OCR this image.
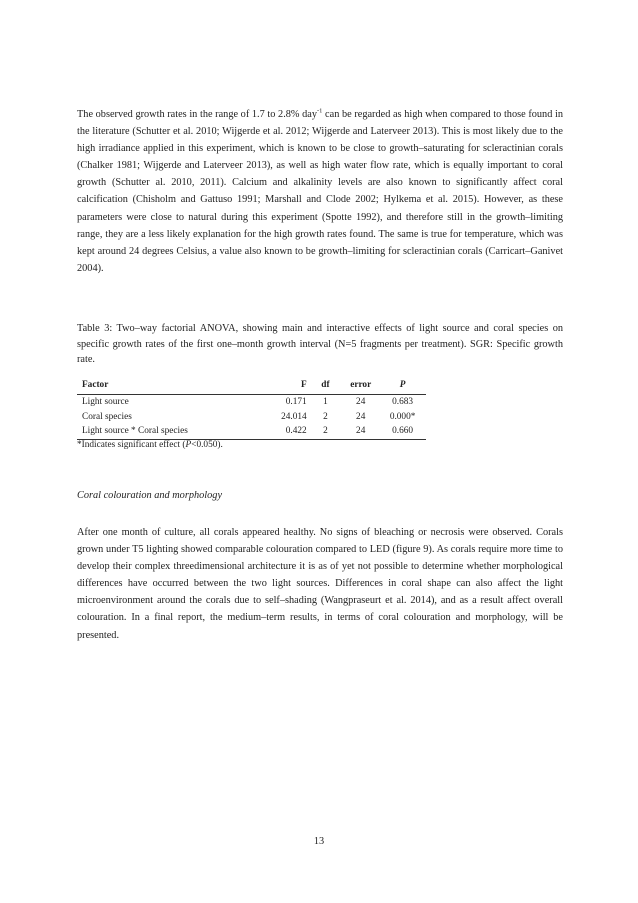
The observed growth rates in the range of 1.7 to 2.8% day$^{-1}$ can be regarded as high when compared to those found in the literature (Schutter et al. 2010; Wijgerde et al. 2012; Wijgerde and Laterveer 2013). This is most likely due to the high irradiance applied in this experiment, which is known to be close to growth–saturating for scleractinian corals (Chalker 1981; Wijgerde and Laterveer 2013), as well as high water flow rate, which is equally important to coral growth (Schutter al. 2010, 2011). Calcium and alkalinity levels are also known to significantly affect coral calcification (Chisholm and Gattuso 1991; Marshall and Clode 2002; Hylkema et al. 2015). However, as these parameters were close to natural during this experiment (Spotte 1992), and therefore still in the growth–limiting range, they are a less likely explanation for the high growth rates found. The same is true for temperature, which was kept around 24 degrees Celsius, a value also known to be growth–limiting for scleractinian corals (Carricart–Ganivet 2004).

Table 3: Two–way factorial ANOVA, showing main and interactive effects of light source and coral species on specific growth rates of the first one–month growth interval (N=5 fragments per treatment). SGR: Specific growth rate.

Factor	F	df	error	P
Light source	0.171	1	24	0.683
Coral species	24.014	2	24	0.000*
Light source * Coral species	0.422	2	24	0.660

*Indicates significant effect (P<0.050).

Coral colouration and morphology

After one month of culture, all corals appeared healthy. No signs of bleaching or necrosis were observed. Corals grown under T5 lighting showed comparable colouration compared to LED (figure 9). As corals require more time to develop their complex threedimensional architecture it is as of yet not possible to determine whether morphological differences have occurred between the two light sources. Differences in coral shape can also affect the light microenvironment around the corals due to self–shading (Wangpraseurt et al. 2014), and as a result affect overall colouration. In a final report, the medium–term results, in terms of coral colouration and morphology, will be presented.

13
